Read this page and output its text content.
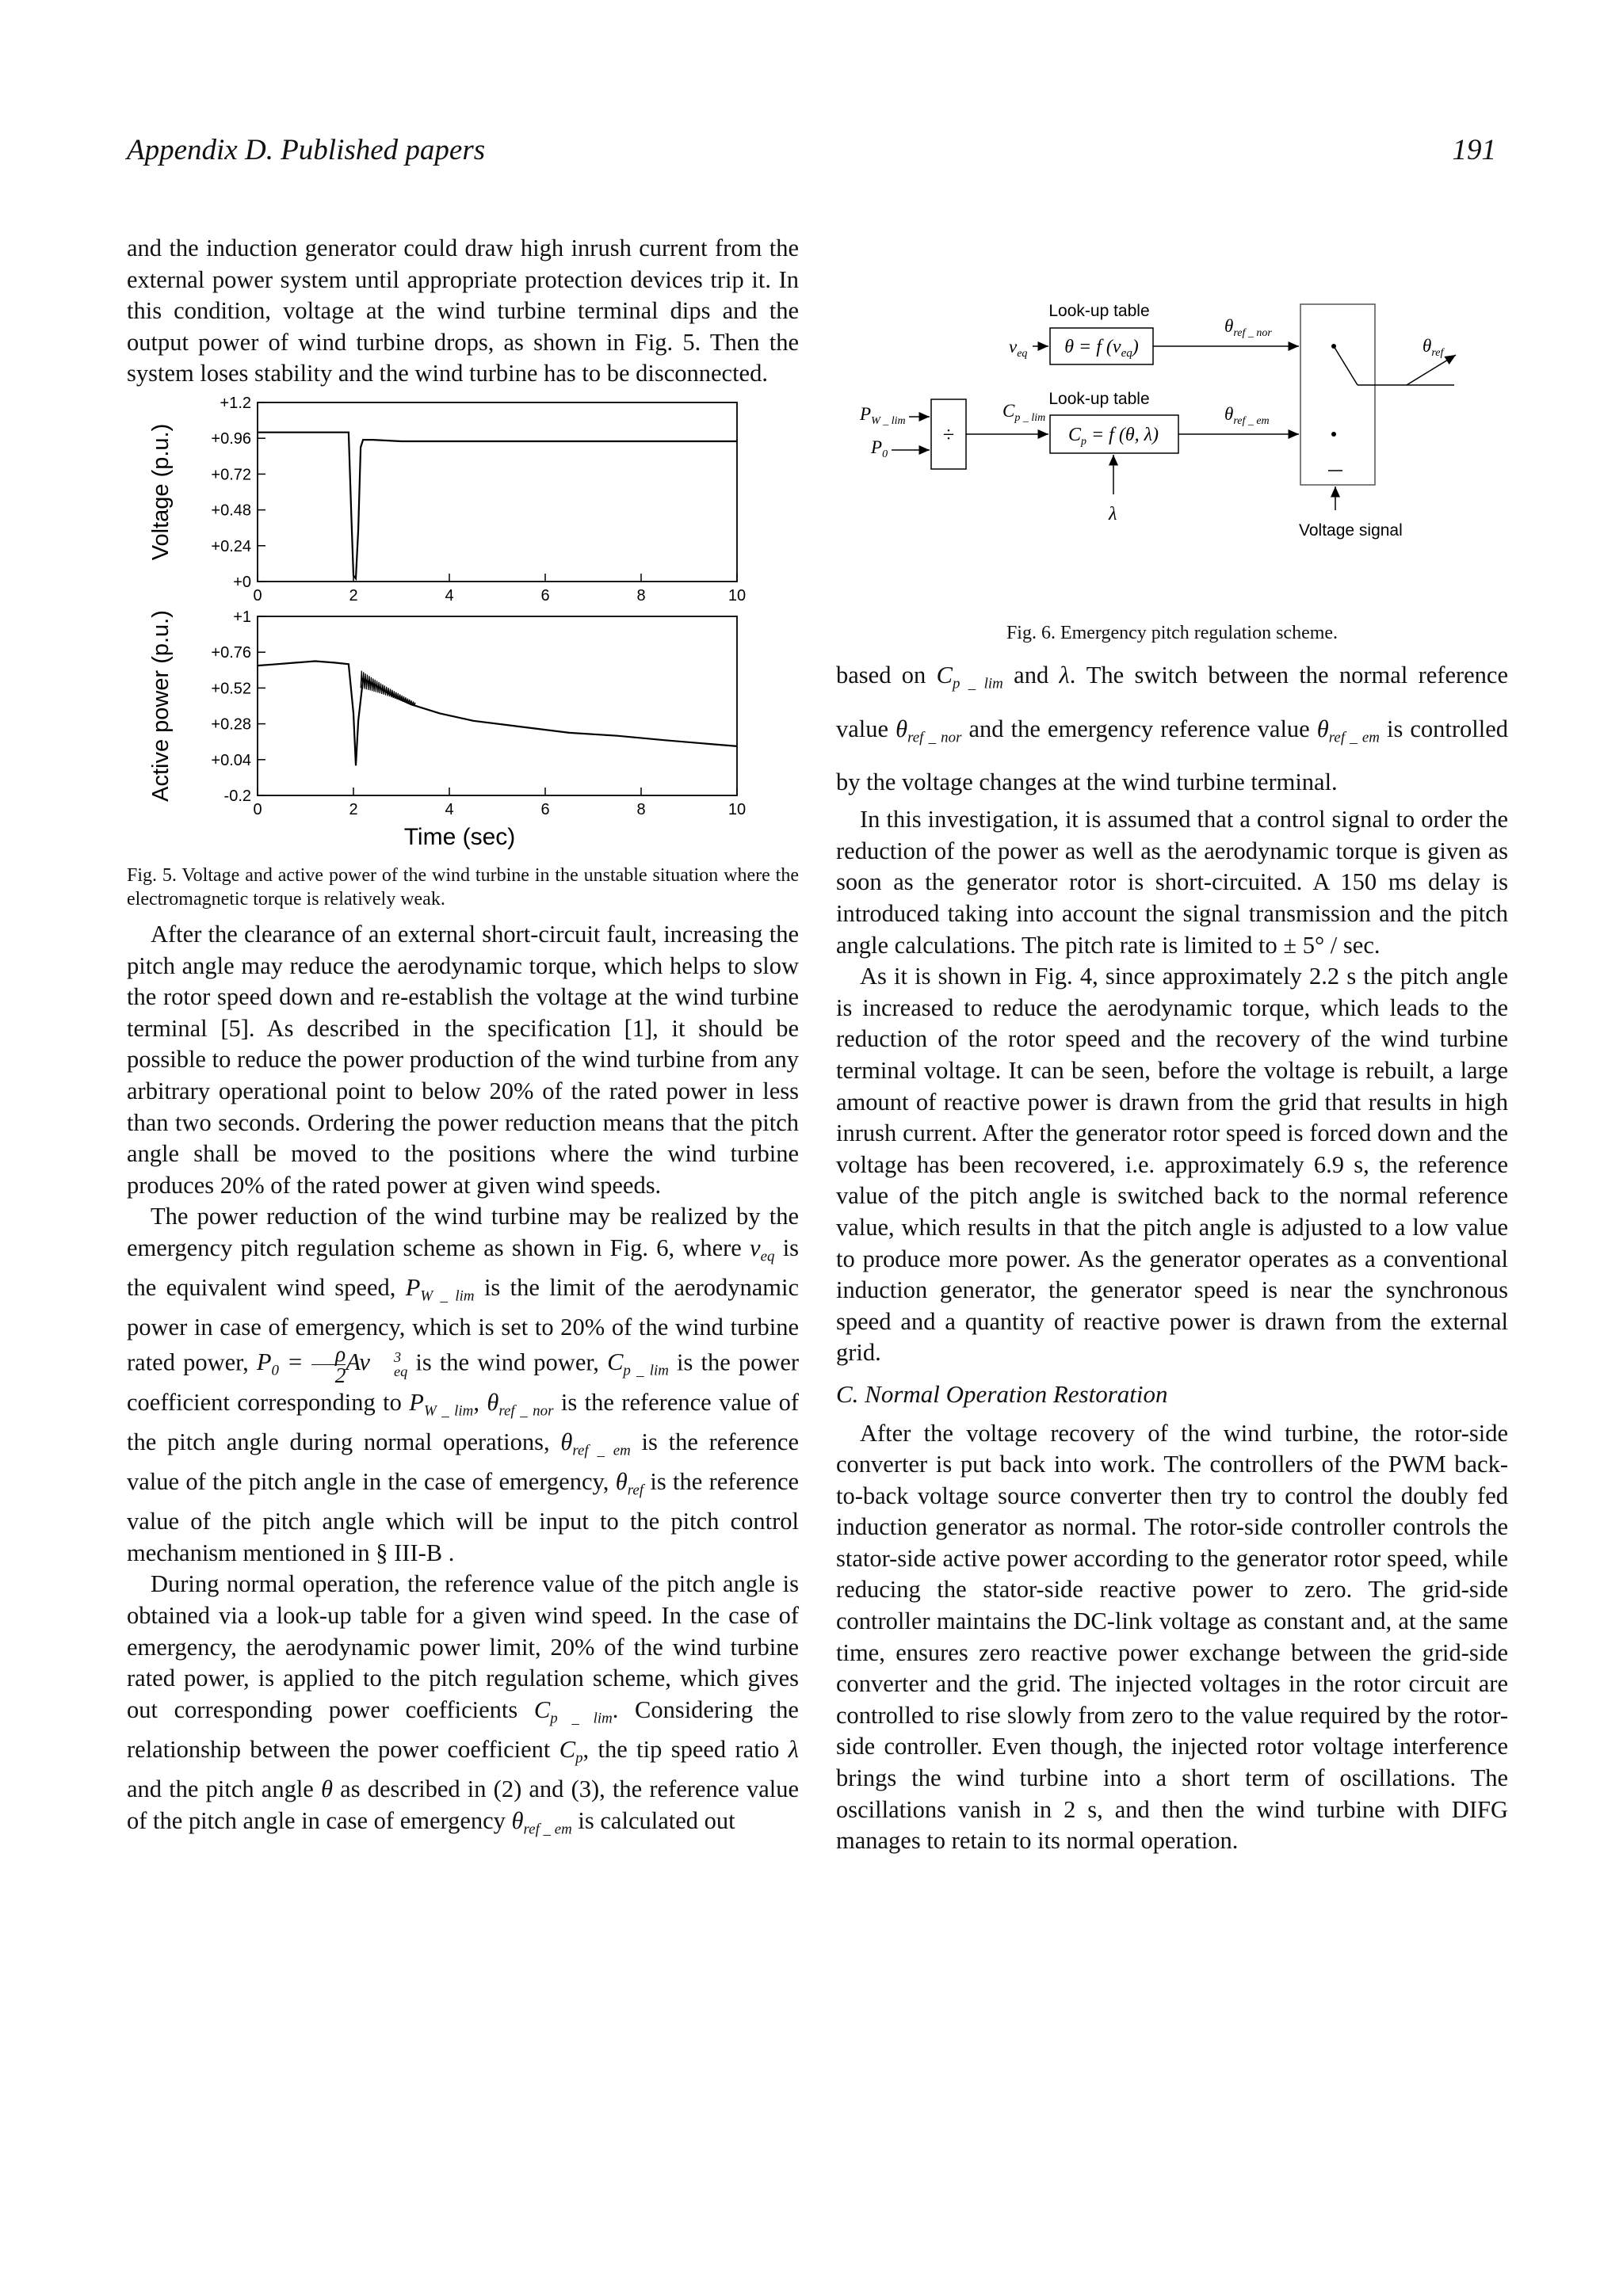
Appendix D. Published papers	191

and the induction generator could draw high inrush current from the external power system until appropriate protection devices trip it. In this condition, voltage at the wind turbine terminal dips and the output power of wind turbine drops, as shown in Fig. 5. Then the system loses stability and the wind turbine has to be disconnected.

+0
+0.24
+0.48
+0.72
+0.96
+1.2
0	2	4	6	8	10
Voltage (p.u.)
-0.2
+0.04
+0.28
+0.52
+0.76
+1
0	2	4	6	8	10
Active power (p.u.)
Time (sec)

Fig. 5. Voltage and active power of the wind turbine in the unstable situation where the electromagnetic torque is relatively weak.

After the clearance of an external short-circuit fault, increasing the pitch angle may reduce the aerodynamic torque, which helps to slow the rotor speed down and re-establish the voltage at the wind turbine terminal [5]. As described in the specification [1], it should be possible to reduce the power production of the wind turbine from any arbitrary operational point to below 20% of the rated power in less than two seconds. Ordering the power reduction means that the pitch angle shall be moved to the positions where the wind turbine produces 20% of the rated power at given wind speeds.

The power reduction of the wind turbine may be realized by the emergency pitch regulation scheme as shown in Fig. 6, where $v_{eq}$ is the equivalent wind speed, $P_{W \_ lim}$ is the limit of the aerodynamic power in case of emergency, which is set to 20% of the wind turbine rated power, $P_0 = \frac{\rho}{2}$ Av	3
eq is the wind power, $C_{p \_ lim}$ is the power coefficient corresponding to $P_{W \_ lim}$, $\theta_{ref \_ nor}$ is the reference value of the pitch angle during normal operations, $\theta_{ref \_ em}$ is the reference value of the pitch angle in the case of emergency, $\theta_{ref}$ is the reference value of the pitch angle which will be input to the pitch control mechanism mentioned in § III-B .

During normal operation, the reference value of the pitch angle is obtained via a look-up table for a given wind speed. In the case of emergency, the aerodynamic power limit, 20% of the wind turbine rated power, is applied to the pitch regulation scheme, which gives out corresponding power coefficients $C_{p \_ lim}$. Considering the relationship between the power coefficient $C_p$, the tip speed ratio λ and the pitch angle θ as described in (2) and (3), the reference value of the pitch angle in case of emergency $\theta_{ref \_ em}$ is calculated out

Look-up table
θ = f $(v_{eq})$
$v_{eq}$
$\theta_{ref \_ nor}$
÷
$P_{W \_ lim}$
$P_0$
$C_{p \_ lim}$
Look-up table
$C_p = f$ (θ, λ)
λ
$\theta_{ref \_ em}$
$\theta_{ref}$
Voltage signal

Fig. 6. Emergency pitch regulation scheme.

based on $C_{p \_ lim}$ and λ. The switch between the normal reference value $\theta_{ref \_ nor}$ and the emergency reference value $\theta_{ref \_ em}$ is controlled by the voltage changes at the wind turbine terminal.

In this investigation, it is assumed that a control signal to order the reduction of the power as well as the aerodynamic torque is given as soon as the generator rotor is short-circuited. A 150 ms delay is introduced taking into account the signal transmission and the pitch angle calculations. The pitch rate is limited to ± 5° / sec.

As it is shown in Fig. 4, since approximately 2.2 s the pitch angle is increased to reduce the aerodynamic torque, which leads to the reduction of the rotor speed and the recovery of the wind turbine terminal voltage. It can be seen, before the voltage is rebuilt, a large amount of reactive power is drawn from the grid that results in high inrush current. After the generator rotor speed is forced down and the voltage has been recovered, i.e. approximately 6.9 s, the reference value of the pitch angle is switched back to the normal reference value, which results in that the pitch angle is adjusted to a low value to produce more power. As the generator operates as a conventional induction generator, the generator speed is near the synchronous speed and a quantity of reactive power is drawn from the external grid.

C. Normal Operation Restoration

After the voltage recovery of the wind turbine, the rotor-side converter is put back into work. The controllers of the PWM back-to-back voltage source converter then try to control the doubly fed induction generator as normal. The rotor-side controller controls the stator-side active power according to the generator rotor speed, while reducing the stator-side reactive power to zero. The grid-side controller maintains the DC-link voltage as constant and, at the same time, ensures zero reactive power exchange between the grid-side converter and the grid. The injected voltages in the rotor circuit are controlled to rise slowly from zero to the value required by the rotor-side controller. Even though, the injected rotor voltage interference brings the wind turbine into a short term of oscillations. The oscillations vanish in 2 s, and then the wind turbine with DIFG manages to retain to its normal operation.
